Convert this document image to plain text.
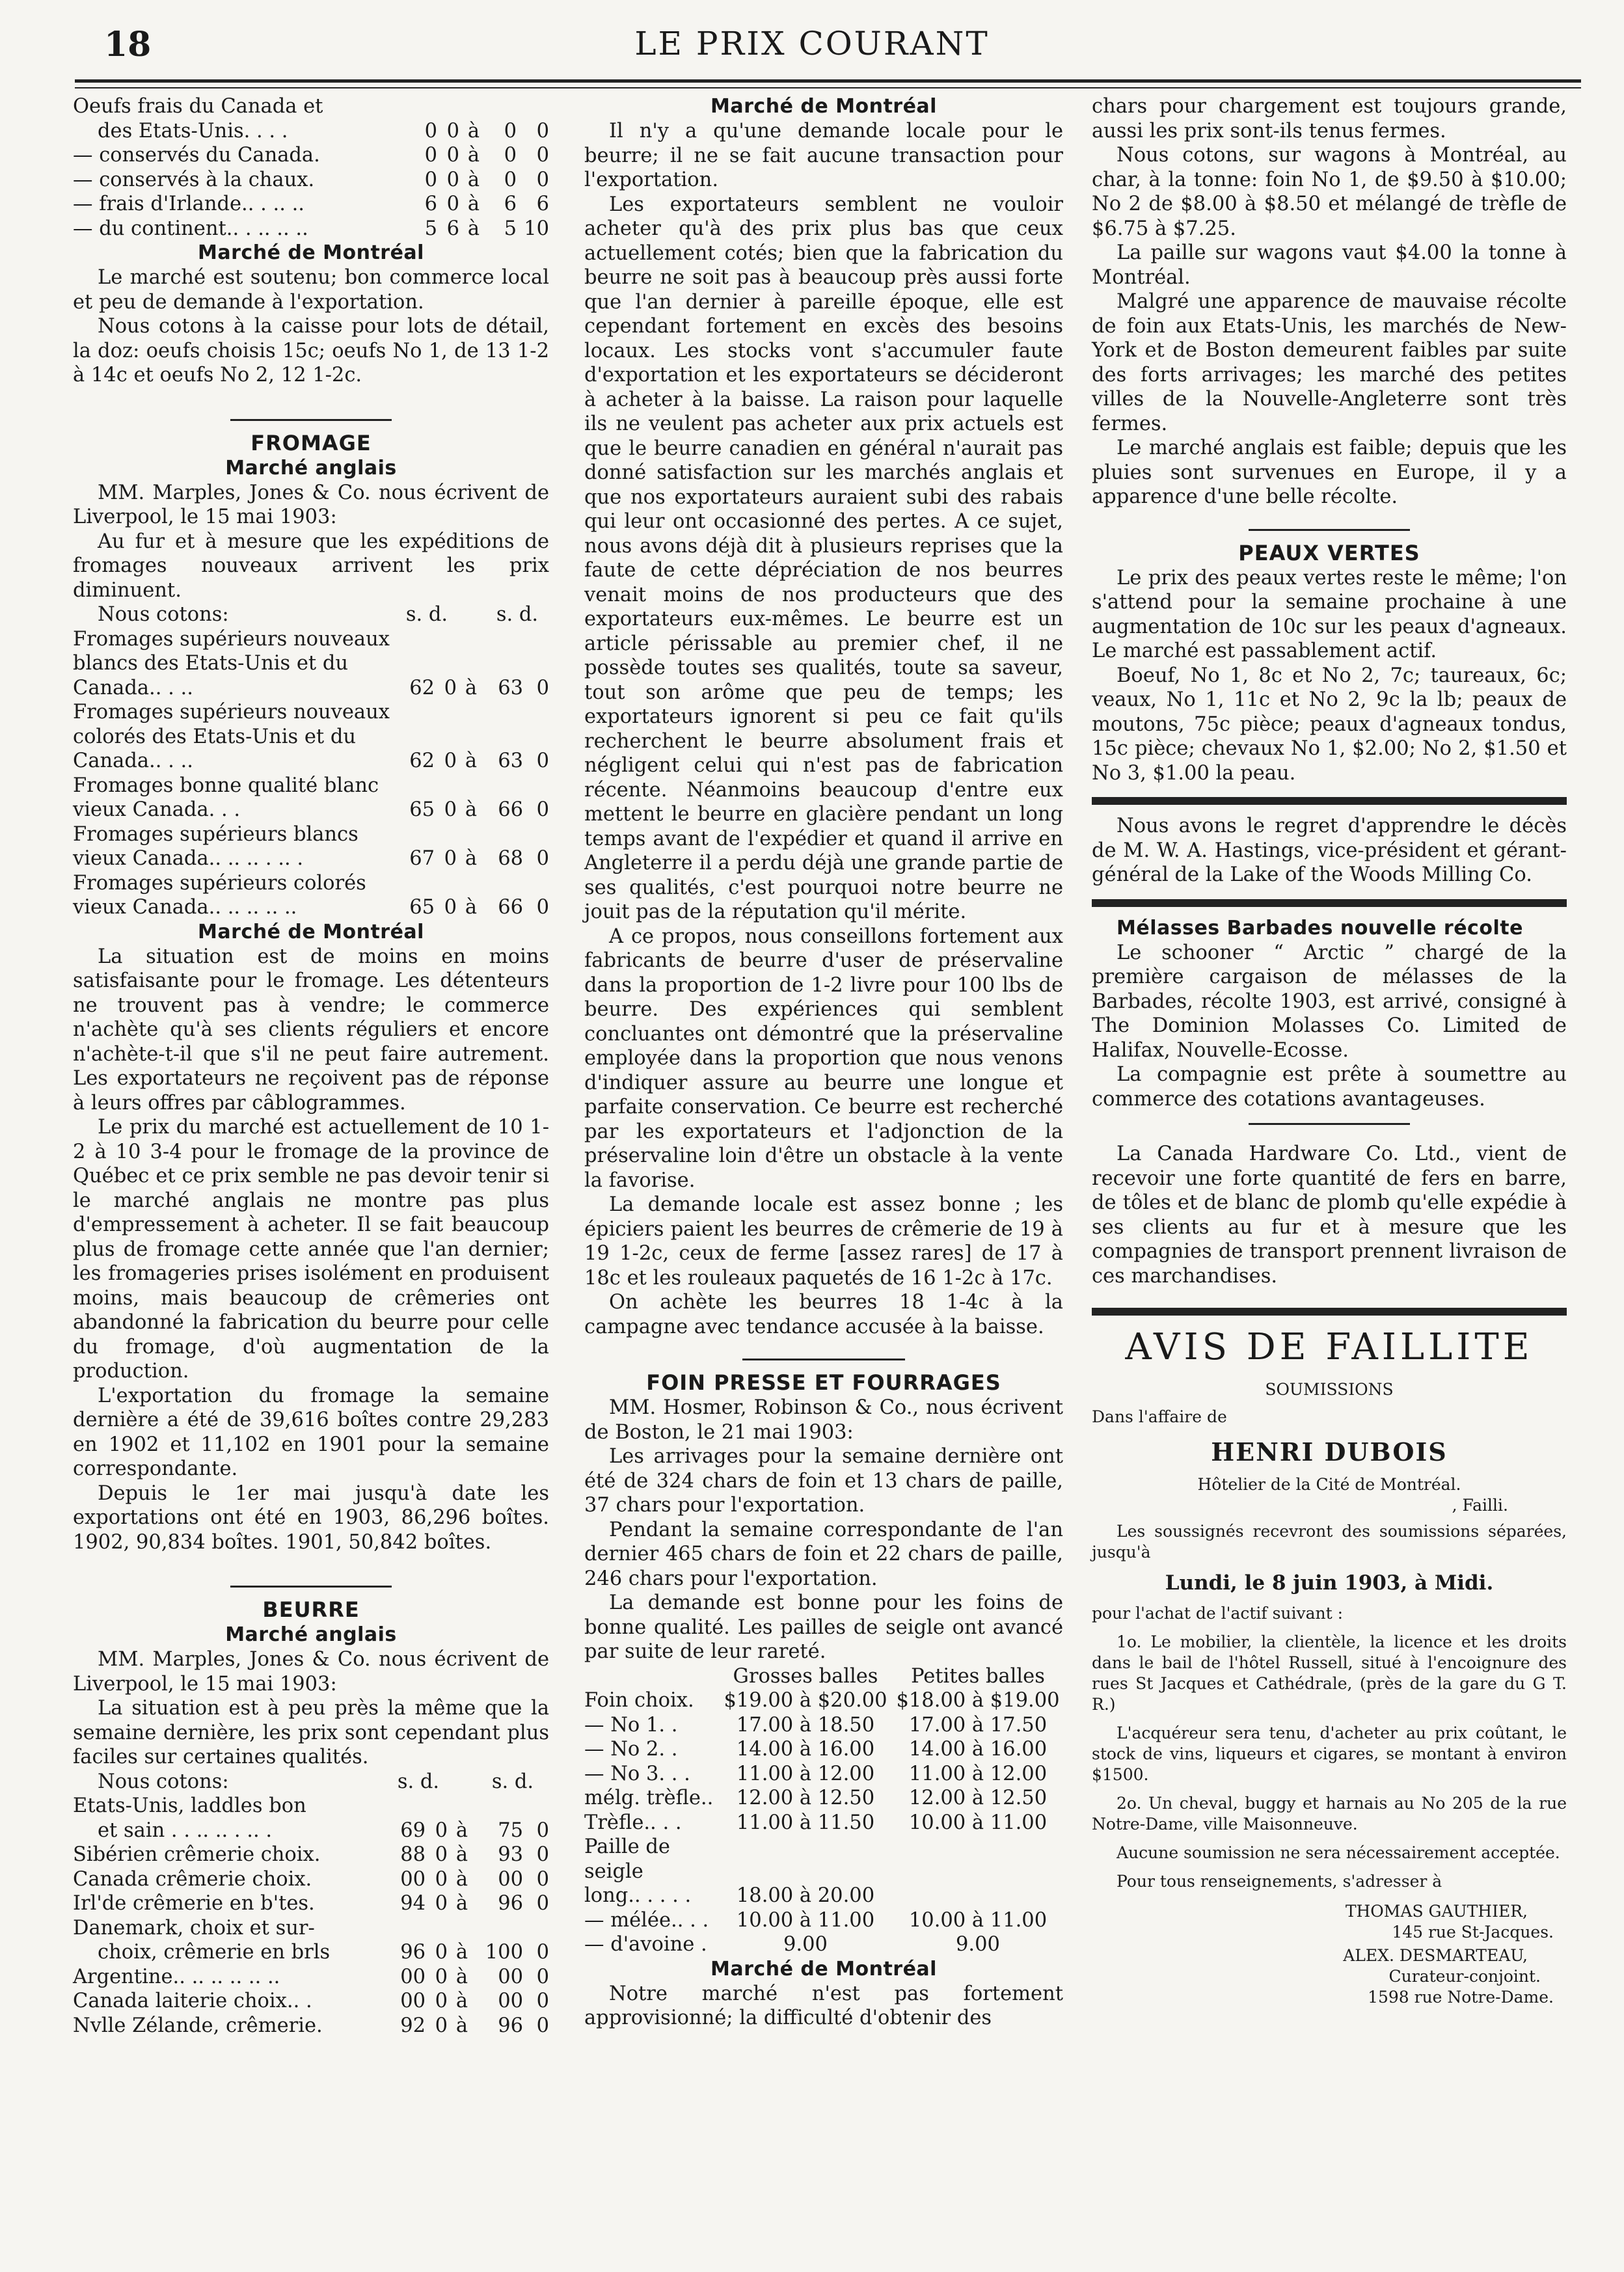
18	LE PRIX COURANT
Oeufs frais du Canada et					
des Etats-Unis. . . .	0	0	à	0	0
— conservés du Canada.	0	0	à	0	0
— conservés à la chaux.	0	0	à	0	0
— frais d'Irlande.. . .. ..	6	0	à	6	6
— du continent.. . .. .. ..	5	6	à	5	10
Marché de Montréal

Le marché est soutenu; bon commerce local et peu de demande à l'exportation.

Nous cotons à la caisse pour lots de détail, la doz: oeufs choisis 15c; oeufs No 1, de 13 1-2 à 14c et oeufs No 2, 12 1-2c.

FROMAGE
Marché anglais

MM. Marples, Jones & Co. nous écrivent de Liverpool, le 15 mai 1903:

Au fur et à mesure que les expéditions de fromages nouveaux arrivent les prix diminuent.

Nous cotons:	s. d.			s. d.	
Fromages supérieurs nouveaux blancs des Etats-Unis et du Canada.. . ..	62	0	à	63	0
Fromages supérieurs nouveaux colorés des Etats-Unis et du Canada.. . ..	62	0	à	63	0
Fromages bonne qualité blanc vieux Canada. . .	65	0	à	66	0
Fromages supérieurs blancs vieux Canada.. .. .. . .. .	67	0	à	68	0
Fromages supérieurs colorés vieux Canada.. .. .. .. ..	65	0	à	66	0
Marché de Montréal

La situation est de moins en moins satisfaisante pour le fromage. Les détenteurs ne trouvent pas à vendre; le commerce n'achète qu'à ses clients réguliers et encore n'achète-t-il que s'il ne peut faire autrement. Les exportateurs ne reçoivent pas de réponse à leurs offres par câblogrammes.

Le prix du marché est actuellement de 10 1-2 à 10 3-4 pour le fromage de la province de Québec et ce prix semble ne pas devoir tenir si le marché anglais ne montre pas plus d'empressement à acheter. Il se fait beaucoup plus de fromage cette année que l'an dernier; les fromageries prises isolément en produisent moins, mais beaucoup de crêmeries ont abandonné la fabrication du beurre pour celle du fromage, d'où augmentation de la production.

L'exportation du fromage la semaine dernière a été de 39,616 boîtes contre 29,283 en 1902 et 11,102 en 1901 pour la semaine correspondante.

Depuis le 1er mai jusqu'à date les exportations ont été en 1903, 86,296 boîtes. 1902, 90,834 boîtes. 1901, 50,842 boîtes.

BEURRE
Marché anglais

MM. Marples, Jones & Co. nous écrivent de Liverpool, le 15 mai 1903:

La situation est à peu près la même que la semaine dernière, les prix sont cependant plus faciles sur certaines qualités.

Nous cotons:	s. d.			s. d.	
Etats-Unis, laddles bon					
et sain . . .. .. . .. .	69	0	à	75	0
Sibérien crêmerie choix.	88	0	à	93	0
Canada crêmerie choix.	00	0	à	00	0
Irl'de crêmerie en b'tes.	94	0	à	96	0
Danemark, choix et sur-					
choix, crêmerie en brls	96	0	à	100	0
Argentine.. .. .. .. .. ..	00	0	à	00	0
Canada laiterie choix.. .	00	0	à	00	0
Nvlle Zélande, crêmerie.	92	0	à	96	0
Marché de Montréal

Il n'y a qu'une demande locale pour le beurre; il ne se fait aucune transaction pour l'exportation.

Les exportateurs semblent ne vouloir acheter qu'à des prix plus bas que ceux actuellement cotés; bien que la fabrication du beurre ne soit pas à beaucoup près aussi forte que l'an dernier à pareille époque, elle est cependant fortement en excès des besoins locaux. Les stocks vont s'accumuler faute d'exportation et les exportateurs se décideront à acheter à la baisse. La raison pour laquelle ils ne veulent pas acheter aux prix actuels est que le beurre canadien en général n'aurait pas donné satisfaction sur les marchés anglais et que nos exportateurs auraient subi des rabais qui leur ont occasionné des pertes. A ce sujet, nous avons déjà dit à plusieurs reprises que la faute de cette dépréciation de nos beurres venait moins de nos producteurs que des exportateurs eux-mêmes. Le beurre est un article périssable au premier chef, il ne possède toutes ses qualités, toute sa saveur, tout son arôme que peu de temps; les exportateurs ignorent si peu ce fait qu'ils recherchent le beurre absolument frais et négligent celui qui n'est pas de fabrication récente. Néanmoins beaucoup d'entre eux mettent le beurre en glacière pendant un long temps avant de l'expédier et quand il arrive en Angleterre il a perdu déjà une grande partie de ses qualités, c'est pourquoi notre beurre ne jouit pas de la réputation qu'il mérite.

A ce propos, nous conseillons fortement aux fabricants de beurre d'user de préservaline dans la proportion de 1-2 livre pour 100 lbs de beurre. Des expériences qui semblent concluantes ont démontré que la préservaline employée dans la proportion que nous venons d'indiquer assure au beurre une longue et parfaite conservation. Ce beurre est recherché par les exportateurs et l'adjonction de la préservaline loin d'être un obstacle à la vente la favorise.

La demande locale est assez bonne ; les épiciers paient les beurres de crêmerie de 19 à 19 1-2c, ceux de ferme [assez rares] de 17 à 18c et les rouleaux paquetés de 16 1-2c à 17c.

On achète les beurres 18 1-4c à la campagne avec tendance accusée à la baisse.

FOIN PRESSE ET FOURRAGES

MM. Hosmer, Robinson & Co., nous écrivent de Boston, le 21 mai 1903:

Les arrivages pour la semaine dernière ont été de 324 chars de foin et 13 chars de paille, 37 chars pour l'exportation.

Pendant la semaine correspondante de l'an dernier 465 chars de foin et 22 chars de paille, 246 chars pour l'exportation.

La demande est bonne pour les foins de bonne qualité. Les pailles de seigle ont avancé par suite de leur rareté.

	Grosses balles	Petites balles
Foin choix.	$19.00 à $20.00	$18.00 à $19.00
— No 1. .	17.00 à 18.50	17.00 à 17.50
— No 2. .	14.00 à 16.00	14.00 à 16.00
— No 3. . .	11.00 à 12.00	11.00 à 12.00
mélg. trèfle..	12.00 à 12.50	12.00 à 12.50
Trèfle.. . .	11.00 à 11.50	10.00 à 11.00
Paille de seigle		
long.. . . . .	18.00 à 20.00	
— mélée.. . .	10.00 à 11.00	10.00 à 11.00
— d'avoine .	9.00	9.00
Marché de Montréal

Notre marché n'est pas fortement approvisionné; la difficulté d'obtenir des

chars pour chargement est toujours grande, aussi les prix sont-ils tenus fermes.

Nous cotons, sur wagons à Montréal, au char, à la tonne: foin No 1, de $9.50 à $10.00; No 2 de $8.00 à $8.50 et mélangé de trèfle de $6.75 à $7.25.

La paille sur wagons vaut $4.00 la tonne à Montréal.

Malgré une apparence de mauvaise récolte de foin aux Etats-Unis, les marchés de New-York et de Boston demeurent faibles par suite des forts arrivages; les marché des petites villes de la Nouvelle-Angleterre sont très fermes.

Le marché anglais est faible; depuis que les pluies sont survenues en Europe, il y a apparence d'une belle récolte.

PEAUX VERTES

Le prix des peaux vertes reste le même; l'on s'attend pour la semaine prochaine à une augmentation de 10c sur les peaux d'agneaux. Le marché est passablement actif.

Boeuf, No 1, 8c et No 2, 7c; taureaux, 6c; veaux, No 1, 11c et No 2, 9c la lb; peaux de moutons, 75c pièce; peaux d'agneaux tondus, 15c pièce; chevaux No 1, $2.00; No 2, $1.50 et No 3, $1.00 la peau.

Nous avons le regret d'apprendre le décès de M. W. A. Hastings, vice-président et gérant-général de la Lake of the Woods Milling Co.

Mélasses Barbades nouvelle récolte

Le schooner “ Arctic ” chargé de la première cargaison de mélasses de la Barbades, récolte 1903, est arrivé, consigné à The Dominion Molasses Co. Limited de Halifax, Nouvelle-Ecosse.

La compagnie est prête à soumettre au commerce des cotations avantageuses.

La Canada Hardware Co. Ltd., vient de recevoir une forte quantité de fers en barre, de tôles et de blanc de plomb qu'elle expédie à ses clients au fur et à mesure que les compagnies de transport prennent livraison de ces marchandises.

AVIS DE FAILLITE
SOUMISSIONS
Dans l'affaire de
HENRI DUBOIS
Hôtelier de la Cité de Montréal.
, Failli.

Les soussignés recevront des soumissions séparées, jusqu'à

Lundi, le 8 juin 1903, à Midi.

pour l'achat de l'actif suivant :

1o. Le mobilier, la clientèle, la licence et les droits dans le bail de l'hôtel Russell, situé à l'encoignure des rues St Jacques et Cathédrale, (près de la gare du G T. R.)

L'acquéreur sera tenu, d'acheter au prix coûtant, le stock de vins, liqueurs et cigares, se montant à environ $1500.

2o. Un cheval, buggy et harnais au No 205 de la rue Notre-Dame, ville Maisonneuve.

Aucune soumission ne sera nécessairement acceptée.

Pour tous renseignements, s'adresser à

THOMAS GAUTHIER,
145 rue St-Jacques.
ALEX. DESMARTEAU,
Curateur-conjoint.
1598 rue Notre-Dame.
